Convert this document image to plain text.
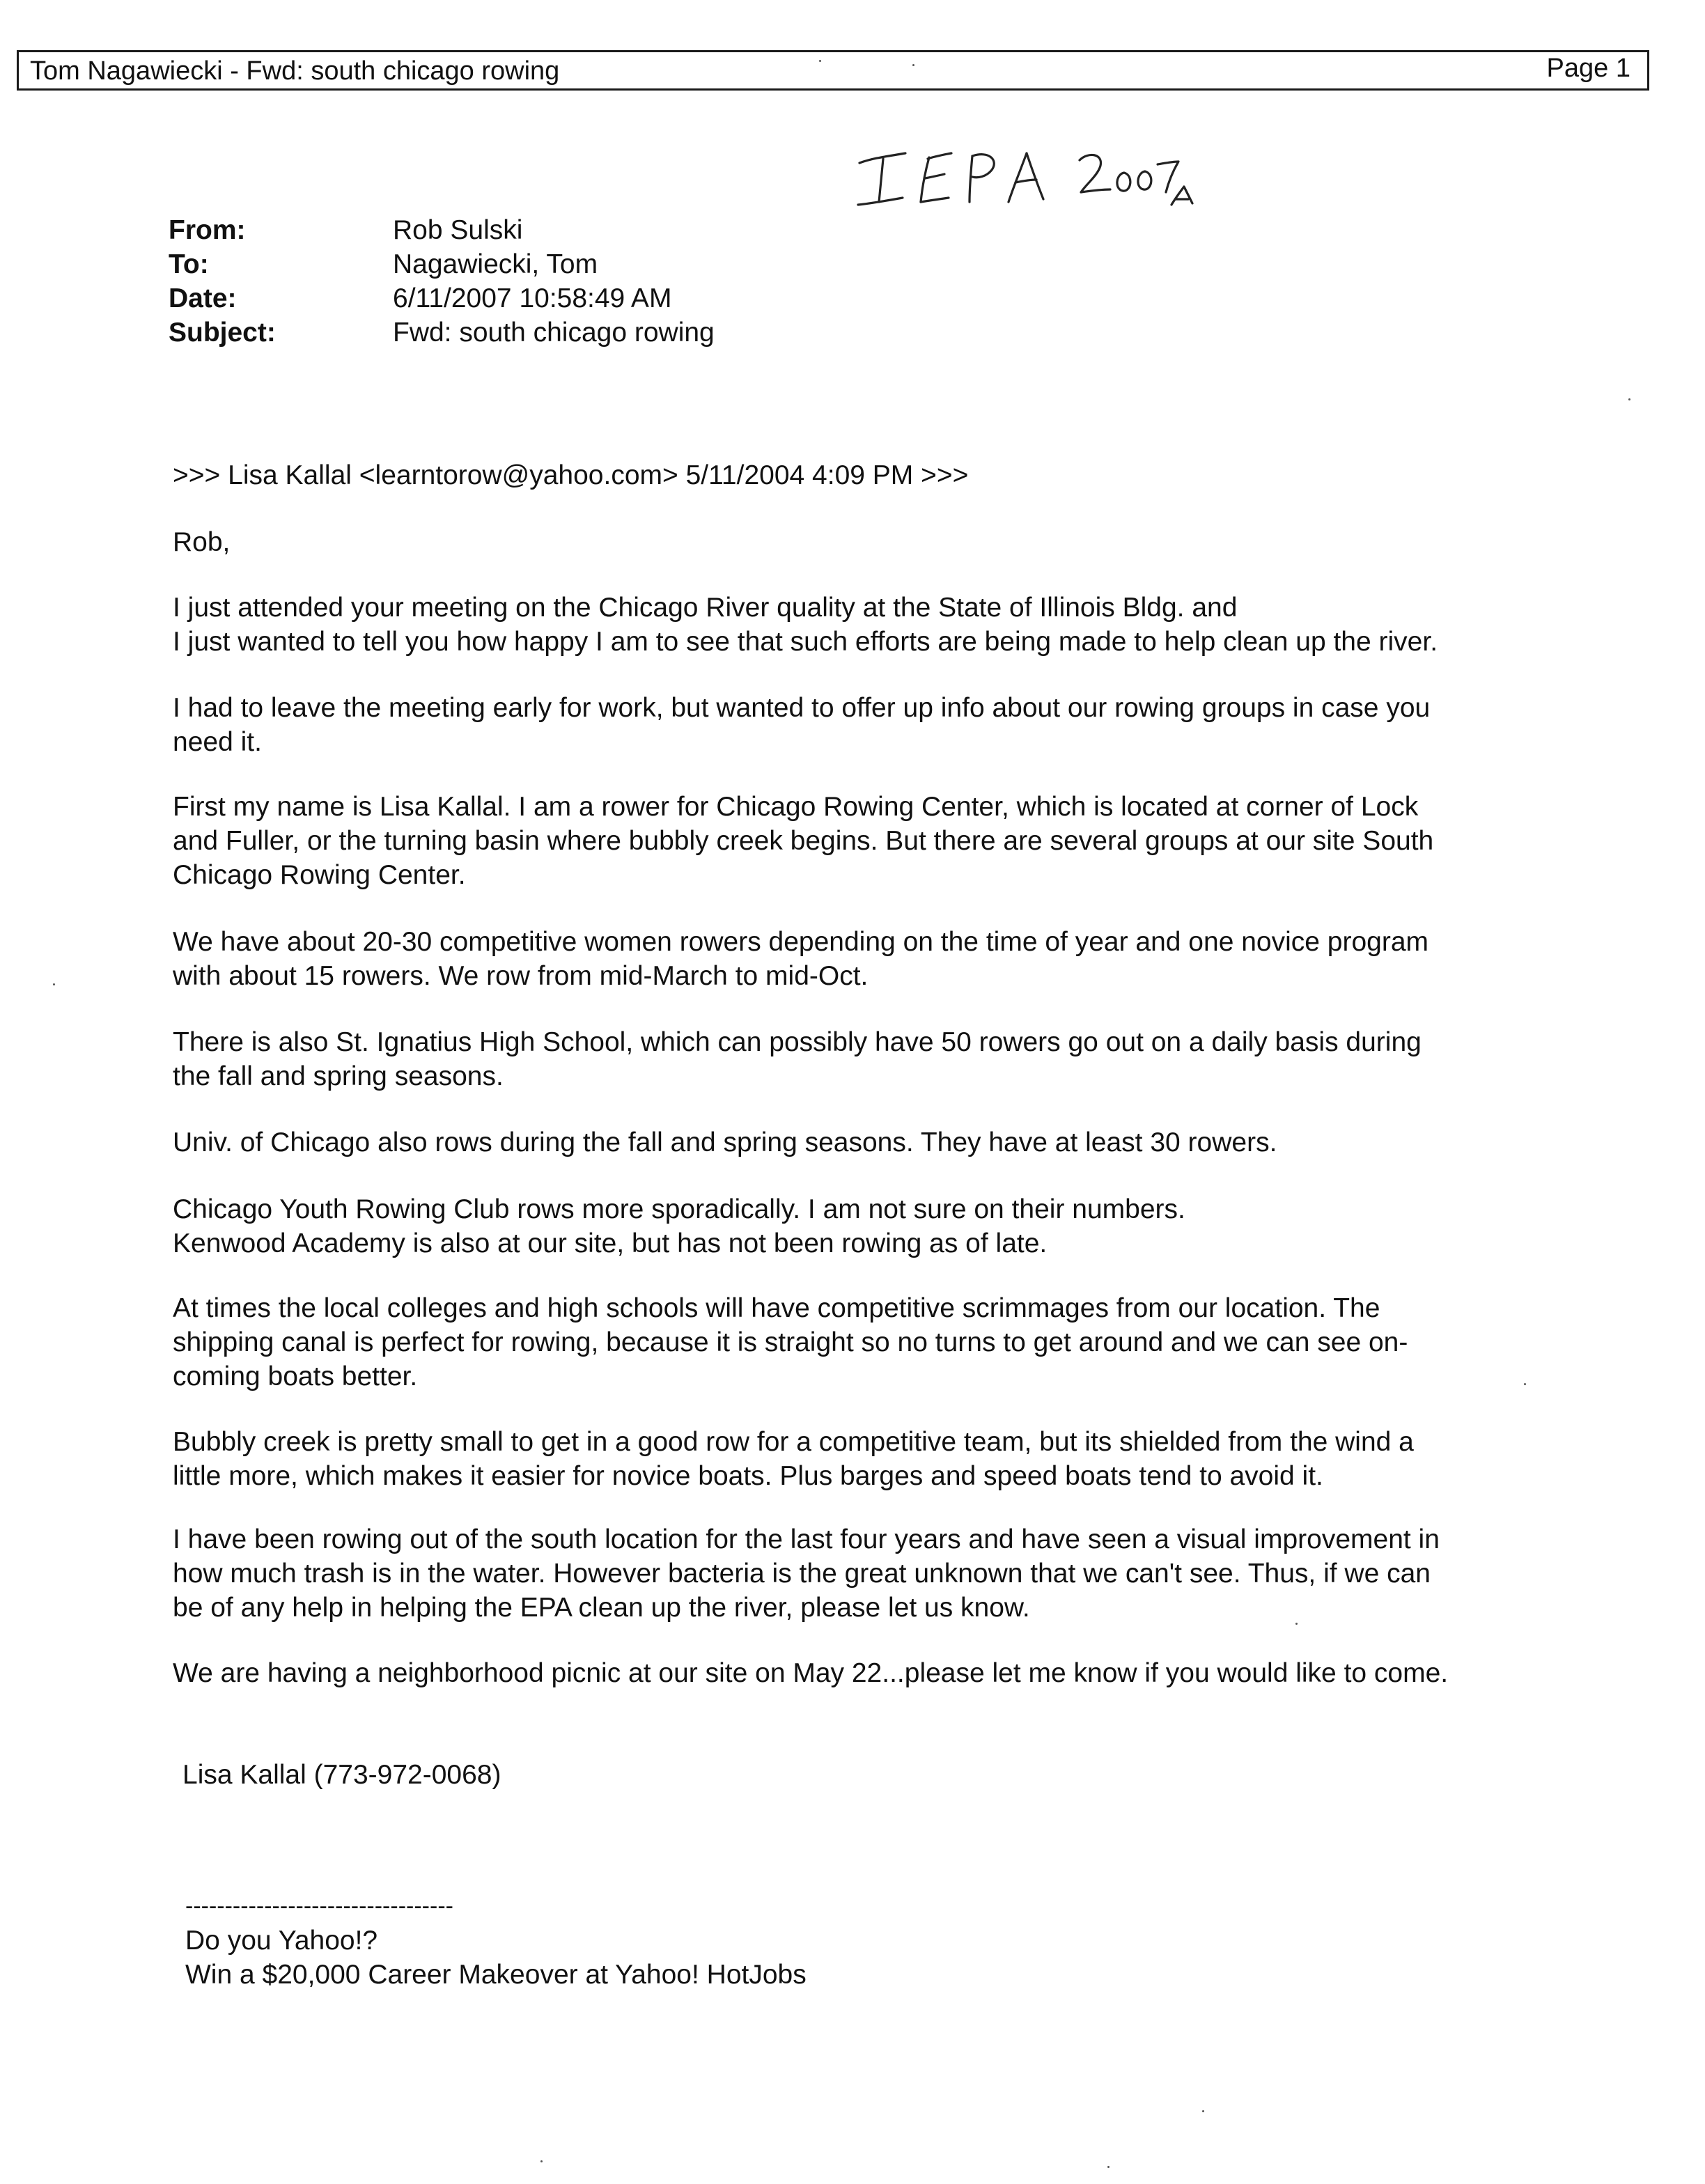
Tom Nagawiecki - Fwd: south chicago rowing	Page 1
From:	Rob Sulski
To:	Nagawiecki, Tom
Date:	6/11/2007 10:58:49 AM
Subject:	Fwd: south chicago rowing
>>> Lisa Kallal <learntorow@yahoo.com> 5/11/2004 4:09 PM >>>
Rob,
I just attended your meeting on the Chicago River quality at the State of Illinois Bldg. and
I just wanted to tell you how happy I am to see that such efforts are being made to help clean up the river.
I had to leave the meeting early for work, but wanted to offer up info about our rowing groups in case you
need it.
First my name is Lisa Kallal. I am a rower for Chicago Rowing Center, which is located at corner of Lock
and Fuller, or the turning basin where bubbly creek begins. But there are several groups at our site South
Chicago Rowing Center.
We have about 20-30 competitive women rowers depending on the time of year and one novice program
with about 15 rowers. We row from mid-March to mid-Oct.
There is also St. Ignatius High School, which can possibly have 50 rowers go out on a daily basis during
the fall and spring seasons.
Univ. of Chicago also rows during the fall and spring seasons. They have at least 30 rowers.
Chicago Youth Rowing Club rows more sporadically. I am not sure on their numbers.
Kenwood Academy is also at our site, but has not been rowing as of late.
At times the local colleges and high schools will have competitive scrimmages from our location. The
shipping canal is perfect for rowing, because it is straight so no turns to get around and we can see on-
coming boats better.
Bubbly creek is pretty small to get in a good row for a competitive team, but its shielded from the wind a
little more, which makes it easier for novice boats. Plus barges and speed boats tend to avoid it.
I have been rowing out of the south location for the last four years and have seen a visual improvement in
how much trash is in the water. However bacteria is the great unknown that we can't see. Thus, if we can
be of any help in helping the EPA clean up the river, please let us know.
We are having a neighborhood picnic at our site on May 22...please let me know if you would like to come.
Lisa Kallal (773-972-0068)
----------------------------------
Do you Yahoo!?
Win a $20,000 Career Makeover at Yahoo! HotJobs
